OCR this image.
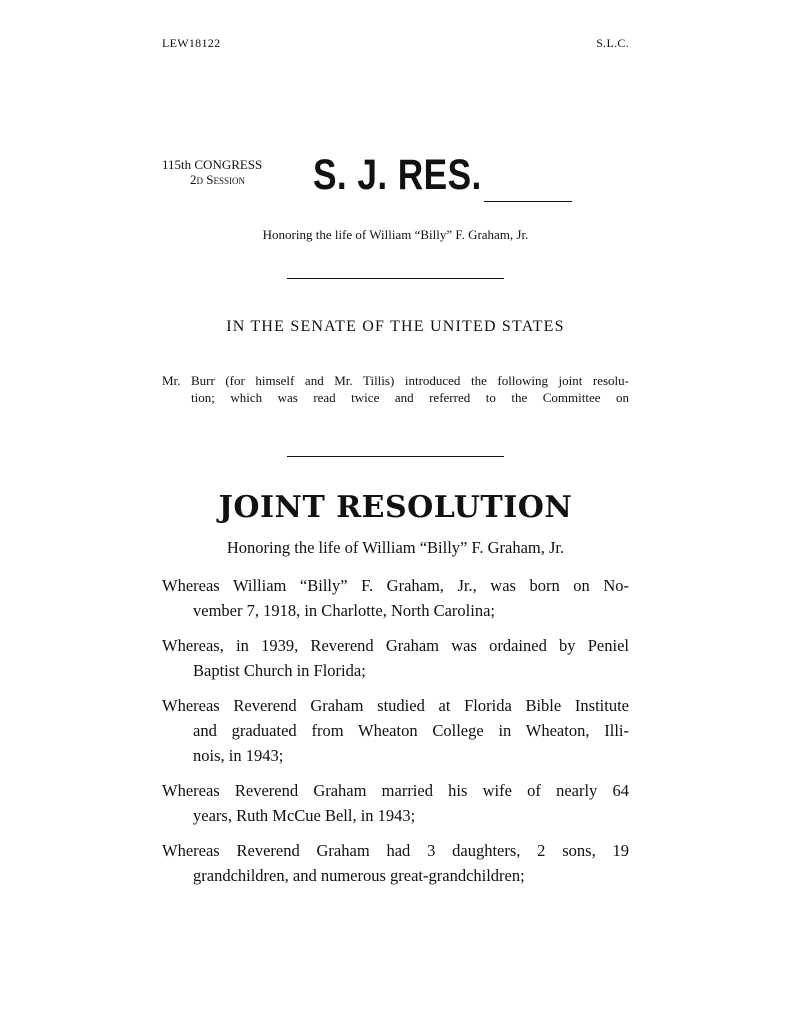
LEW18122	S.L.C.
115th CONGRESS
2d Session	S. J. RES.
Honoring the life of William “Billy” F. Graham, Jr.
IN THE SENATE OF THE UNITED STATES

Mr. Burr (for himself and Mr. Tillis) introduced the following joint resolu-

tion; which was read twice and referred to the Committee on

JOINT RESOLUTION
Honoring the life of William “Billy” F. Graham, Jr.
Whereas William “Billy” F. Graham, Jr., was born on No-
vember 7, 1918, in Charlotte, North Carolina;
Whereas, in 1939, Reverend Graham was ordained by Peniel
Baptist Church in Florida;
Whereas Reverend Graham studied at Florida Bible Institute
and graduated from Wheaton College in Wheaton, Illi-
nois, in 1943;
Whereas Reverend Graham married his wife of nearly 64
years, Ruth McCue Bell, in 1943;
Whereas Reverend Graham had 3 daughters, 2 sons, 19
grandchildren, and numerous great-grandchildren;
